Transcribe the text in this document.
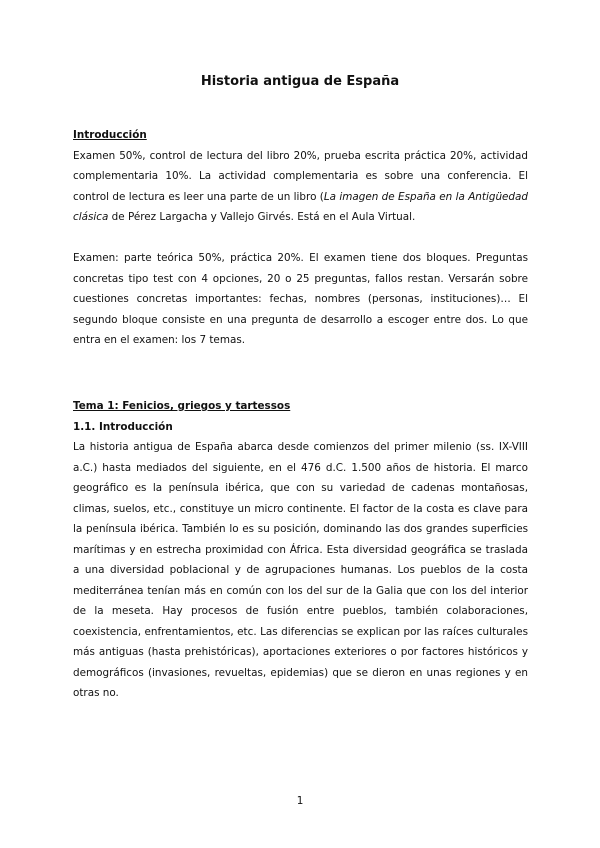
Historia antigua de España

Introducción

Examen 50%, control de lectura del libro 20%, prueba escrita práctica 20%, actividad complementaria 10%. La actividad complementaria es sobre una conferencia. El control de lectura es leer una parte de un libro (La imagen de España en la Antigüedad clásica de Pérez Largacha y Vallejo Girvés. Está en el Aula Virtual.

Examen: parte teórica 50%, práctica 20%. El examen tiene dos bloques. Preguntas concretas tipo test con 4 opciones, 20 o 25 preguntas, fallos restan. Versarán sobre cuestiones concretas importantes: fechas, nombres (personas, instituciones)… El segundo bloque consiste en una pregunta de desarrollo a escoger entre dos. Lo que entra en el examen: los 7 temas.

Tema 1: Fenicios, griegos y tartessos

1.1. Introducción

La historia antigua de España abarca desde comienzos del primer milenio (ss. IX-VIII a.C.) hasta mediados del siguiente, en el 476 d.C. 1.500 años de historia. El marco geográfico es la península ibérica, que con su variedad de cadenas montañosas, climas, suelos, etc., constituye un micro continente. El factor de la costa es clave para la península ibérica. También lo es su posición, dominando las dos grandes superficies marítimas y en estrecha proximidad con África. Esta diversidad geográfica se traslada a una diversidad poblacional y de agrupaciones humanas. Los pueblos de la costa mediterránea tenían más en común con los del sur de la Galia que con los del interior de la meseta. Hay procesos de fusión entre pueblos, también colaboraciones, coexistencia, enfrentamientos, etc. Las diferencias se explican por las raíces culturales más antiguas (hasta prehistóricas), aportaciones exteriores o por factores históricos y demográficos (invasiones, revueltas, epidemias) que se dieron en unas regiones y en otras no.

1
